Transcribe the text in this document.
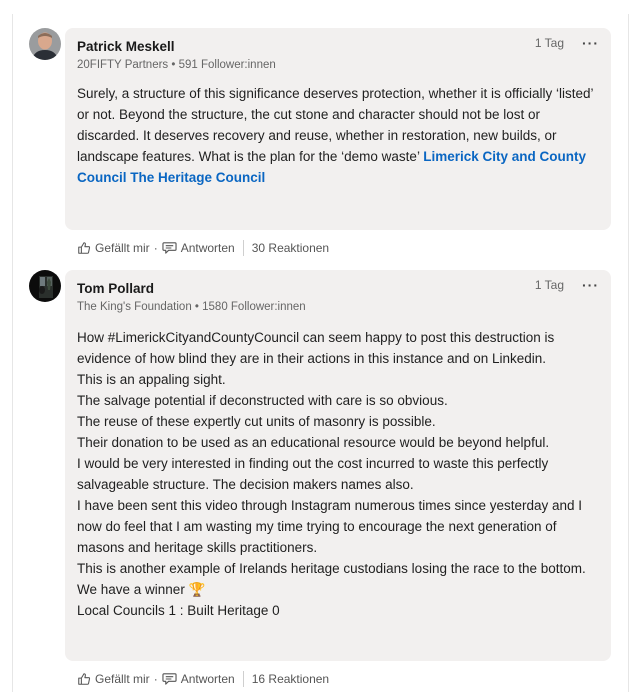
Patrick Meskell
20FIFTY Partners • 591 Follower:innen
1 Tag ···
Surely, a structure of this significance deserves protection, whether it is officially ‘listed’ or not. Beyond the structure, the cut stone and character should not be lost or discarded. It deserves recovery and reuse, whether in restoration, new builds, or landscape features. What is the plan for the ‘demo waste’ Limerick City and County Council The Heritage Council
Gefällt mir · Antworten 30 Reaktionen
Tom Pollard
The King's Foundation • 1580 Follower:innen
1 Tag ···

How #LimerickCityandCountyCouncil can seem happy to post this destruction is evidence of how blind they are in their actions in this instance and on Linkedin.

This is an appaling sight.

The salvage potential if deconstructed with care is so obvious.

The reuse of these expertly cut units of masonry is possible.

Their donation to be used as an educational resource would be beyond helpful.

I would be very interested in finding out the cost incurred to waste this perfectly salvageable structure. The decision makers names also.

I have been sent this video through Instagram numerous times since yesterday and I now do feel that I am wasting my time trying to encourage the next generation of masons and heritage skills practitioners.

This is another example of Irelands heritage custodians losing the race to the bottom.

We have a winner 🏆

Local Councils 1 : Built Heritage 0

Gefällt mir · Antworten 16 Reaktionen
